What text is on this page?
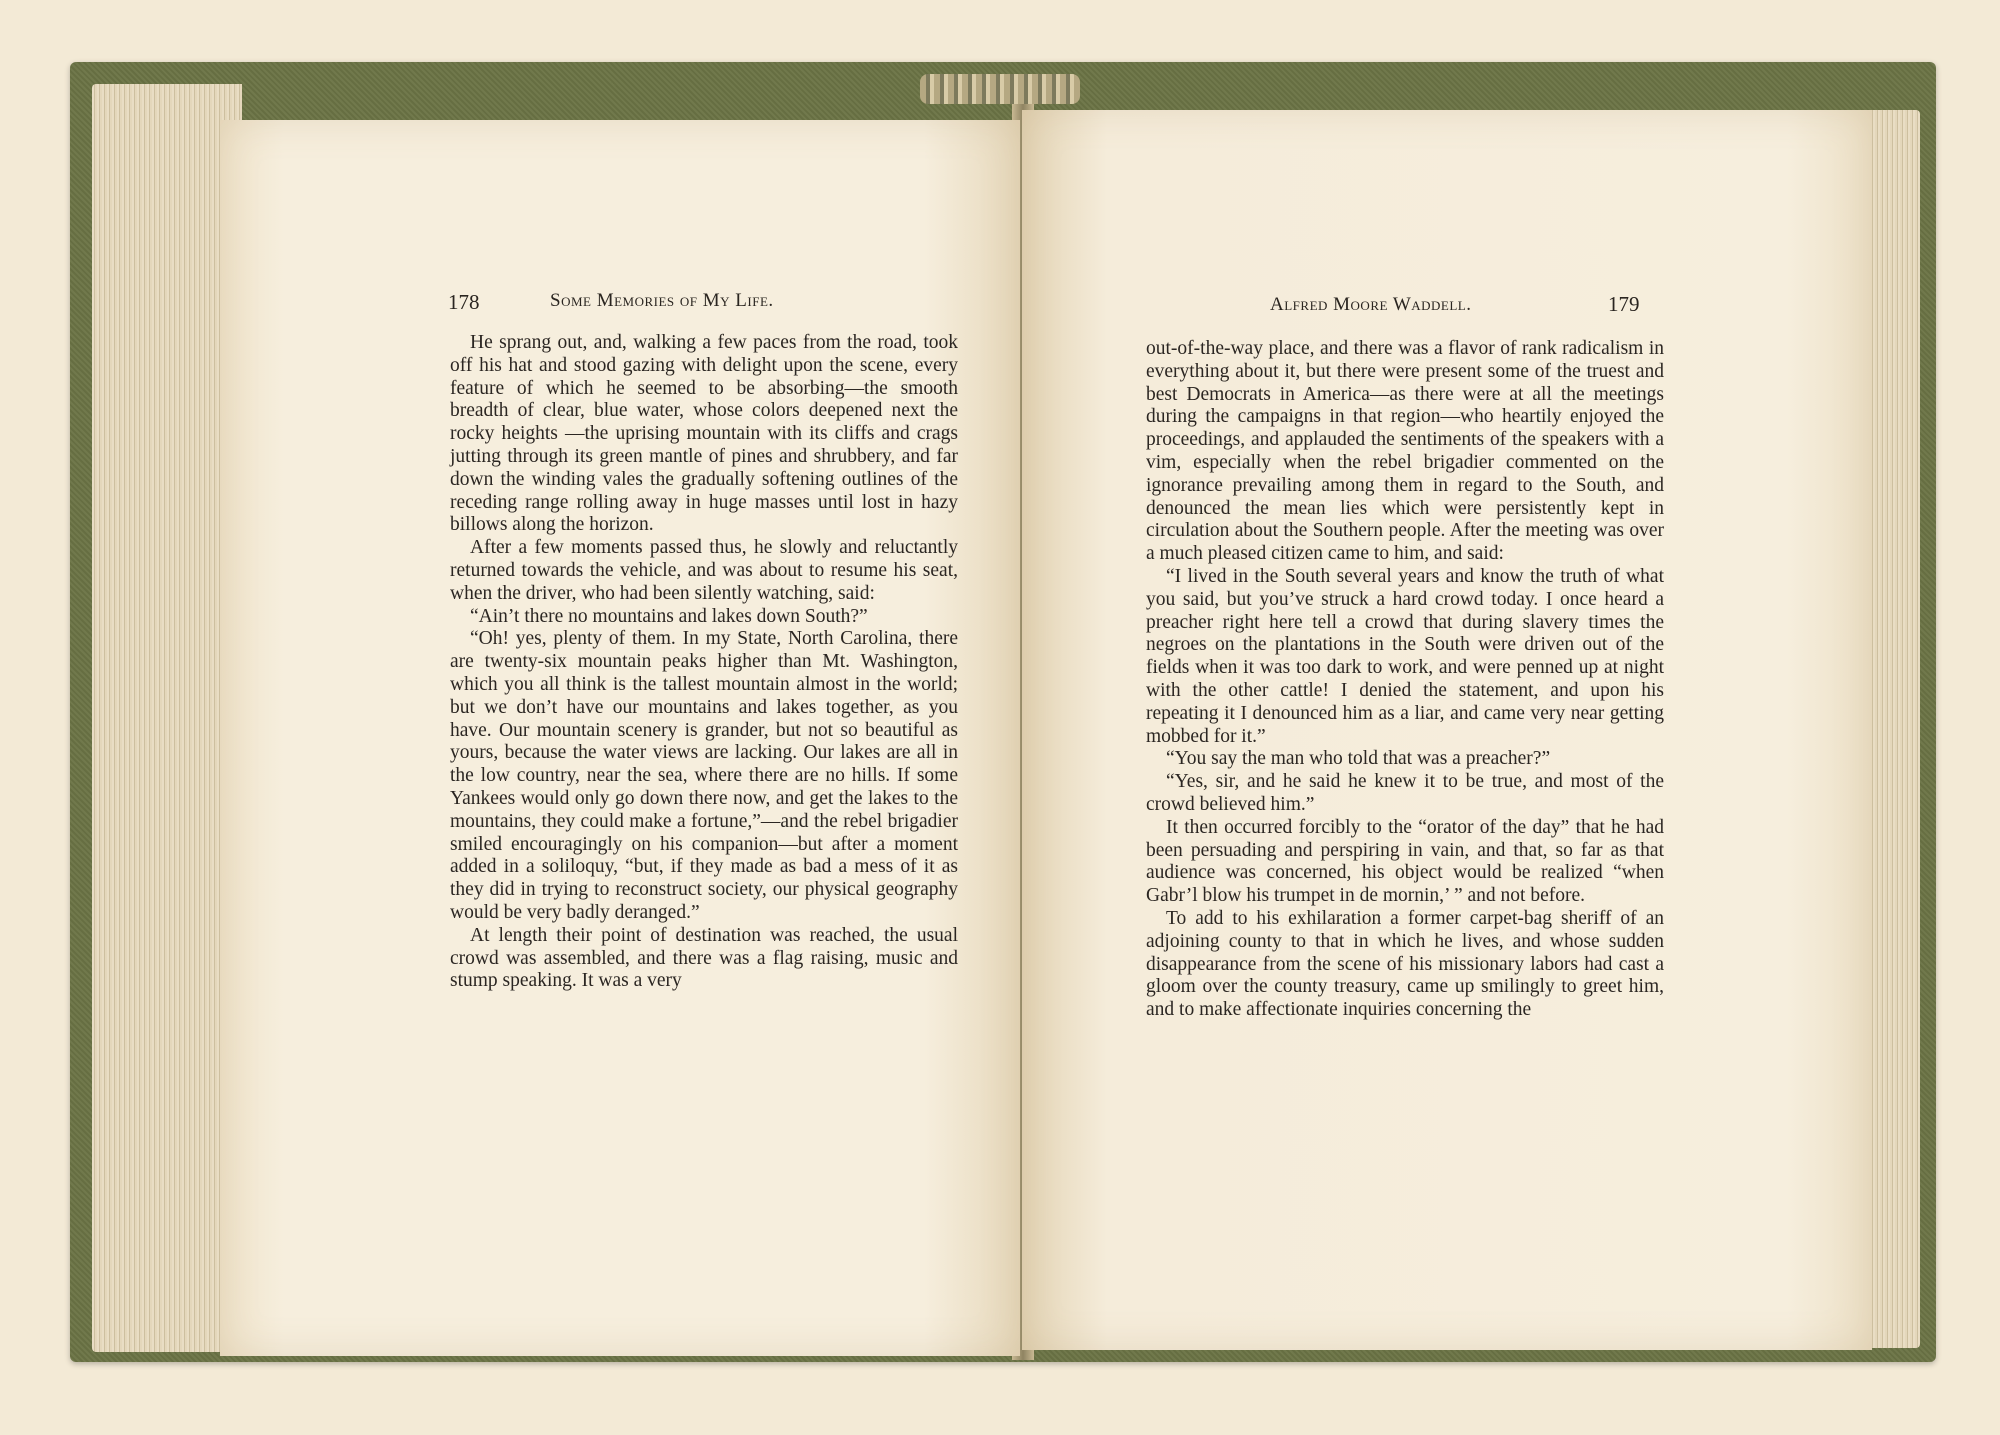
178	Some Memories of My Life.

He sprang out, and, walking a few paces from the road, took off his hat and stood gazing with delight upon the scene, every feature of which he seemed to be absorbing—the smooth breadth of clear, blue water, whose colors deepened next the rocky heights —the uprising mountain with its cliffs and crags jutting through its green mantle of pines and shrubbery, and far down the winding vales the gradually softening outlines of the receding range rolling away in huge masses until lost in hazy billows along the horizon.

After a few moments passed thus, he slowly and reluctantly returned towards the vehicle, and was about to resume his seat, when the driver, who had been silently watching, said:

“Ain’t there no mountains and lakes down South?”

“Oh! yes, plenty of them. In my State, North Carolina, there are twenty-six mountain peaks higher than Mt. Washington, which you all think is the tallest mountain almost in the world; but we don’t have our mountains and lakes together, as you have. Our mountain scenery is grander, but not so beautiful as yours, because the water views are lacking. Our lakes are all in the low country, near the sea, where there are no hills. If some Yankees would only go down there now, and get the lakes to the mountains, they could make a fortune,”—and the rebel brigadier smiled encouragingly on his companion—but after a moment added in a soliloquy, “but, if they made as bad a mess of it as they did in trying to reconstruct society, our physical geography would be very badly deranged.”

At length their point of destination was reached, the usual crowd was assembled, and there was a flag raising, music and stump speaking. It was a very

Alfred Moore Waddell.	179

out-of-the-way place, and there was a flavor of rank radicalism in everything about it, but there were present some of the truest and best Democrats in America—as there were at all the meetings during the campaigns in that region—who heartily enjoyed the proceedings, and applauded the sentiments of the speakers with a vim, especially when the rebel brigadier commented on the ignorance prevailing among them in regard to the South, and denounced the mean lies which were persistently kept in circulation about the Southern people. After the meeting was over a much pleased citizen came to him, and said:

“I lived in the South several years and know the truth of what you said, but you’ve struck a hard crowd today. I once heard a preacher right here tell a crowd that during slavery times the negroes on the plantations in the South were driven out of the fields when it was too dark to work, and were penned up at night with the other cattle! I denied the statement, and upon his repeating it I denounced him as a liar, and came very near getting mobbed for it.”

“You say the man who told that was a preacher?”

“Yes, sir, and he said he knew it to be true, and most of the crowd believed him.”

It then occurred forcibly to the “orator of the day” that he had been persuading and perspiring in vain, and that, so far as that audience was concerned, his object would be realized “when Gabr’l blow his trumpet in de mornin,’ ” and not before.

To add to his exhilaration a former carpet-bag sheriff of an adjoining county to that in which he lives, and whose sudden disappearance from the scene of his missionary labors had cast a gloom over the county treasury, came up smilingly to greet him, and to make affectionate inquiries concerning the
